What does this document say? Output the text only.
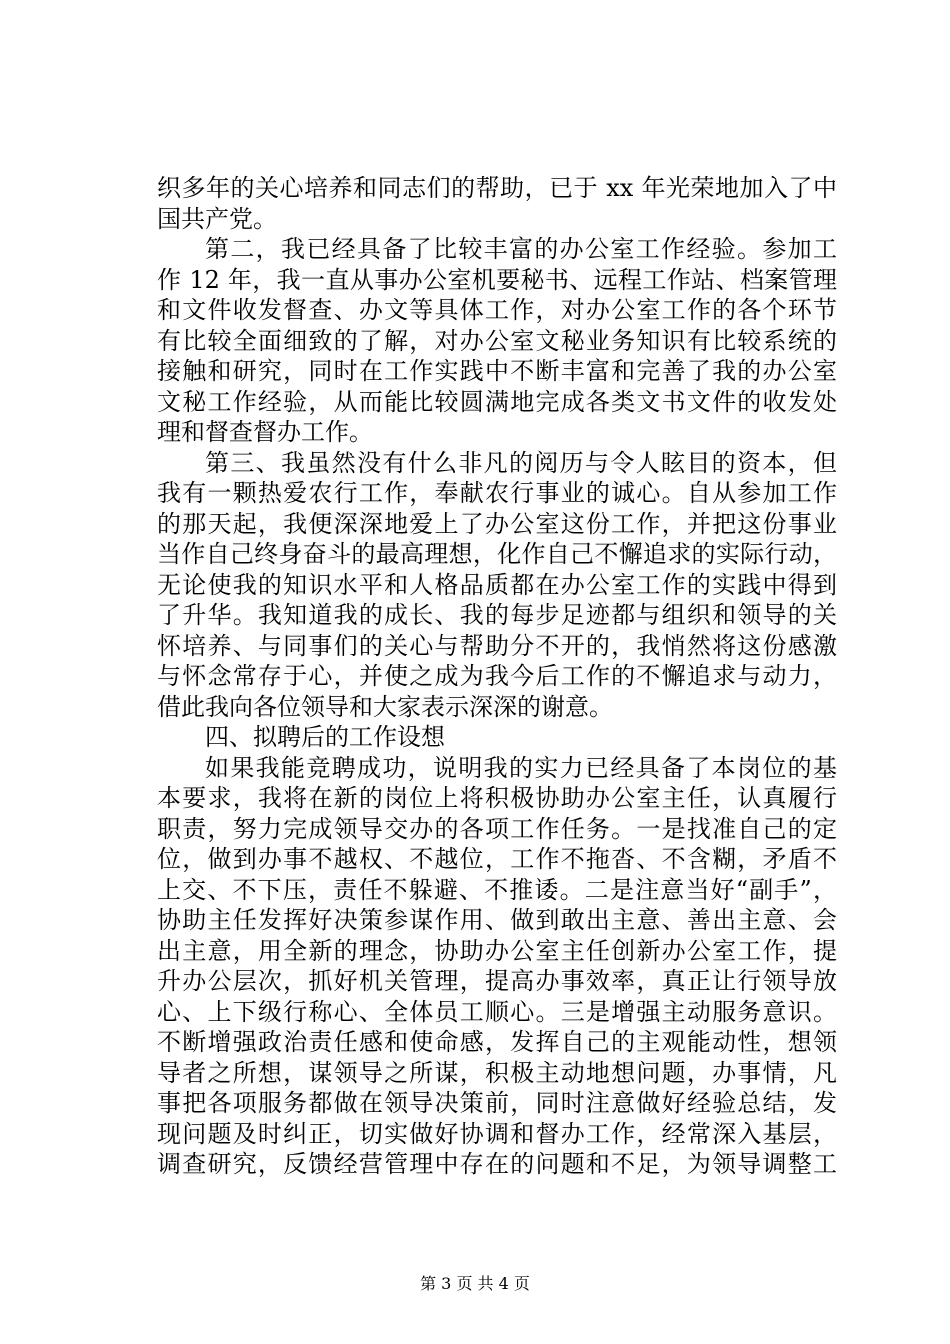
织多年的关心培养和同志们的帮助，已于 xx 年光荣地加入了中
国共产党。
第二，我已经具备了比较丰富的办公室工作经验。参加工
作 12 年，我一直从事办公室机要秘书、远程工作站、档案管理
和文件收发督查、办文等具体工作，对办公室工作的各个环节
有比较全面细致的了解，对办公室文秘业务知识有比较系统的
接触和研究，同时在工作实践中不断丰富和完善了我的办公室
文秘工作经验，从而能比较圆满地完成各类文书文件的收发处
理和督查督办工作。
第三、我虽然没有什么非凡的阅历与令人眩目的资本，但
我有一颗热爱农行工作，奉献农行事业的诚心。自从参加工作
的那天起，我便深深地爱上了办公室这份工作，并把这份事业
当作自己终身奋斗的最高理想，化作自己不懈追求的实际行动，
无论使我的知识水平和人格品质都在办公室工作的实践中得到
了升华。我知道我的成长、我的每步足迹都与组织和领导的关
怀培养、与同事们的关心与帮助分不开的，我悄然将这份感激
与怀念常存于心，并使之成为我今后工作的不懈追求与动力，
借此我向各位领导和大家表示深深的谢意。
四、拟聘后的工作设想
如果我能竞聘成功，说明我的实力已经具备了本岗位的基
本要求，我将在新的岗位上将积极协助办公室主任，认真履行
职责，努力完成领导交办的各项工作任务。一是找准自己的定
位，做到办事不越权、不越位，工作不拖沓、不含糊，矛盾不
上交、不下压，责任不躲避、不推诿。二是注意当好“副手”，
协助主任发挥好决策参谋作用、做到敢出主意、善出主意、会
出主意，用全新的理念，协助办公室主任创新办公室工作，提
升办公层次，抓好机关管理，提高办事效率，真正让行领导放
心、上下级行称心、全体员工顺心。三是增强主动服务意识。
不断增强政治责任感和使命感，发挥自己的主观能动性，想领
导者之所想，谋领导之所谋，积极主动地想问题，办事情，凡
事把各项服务都做在领导决策前，同时注意做好经验总结，发
现问题及时纠正，切实做好协调和督办工作，经常深入基层，
调查研究，反馈经营管理中存在的问题和不足，为领导调整工
第 3 页 共 4 页
